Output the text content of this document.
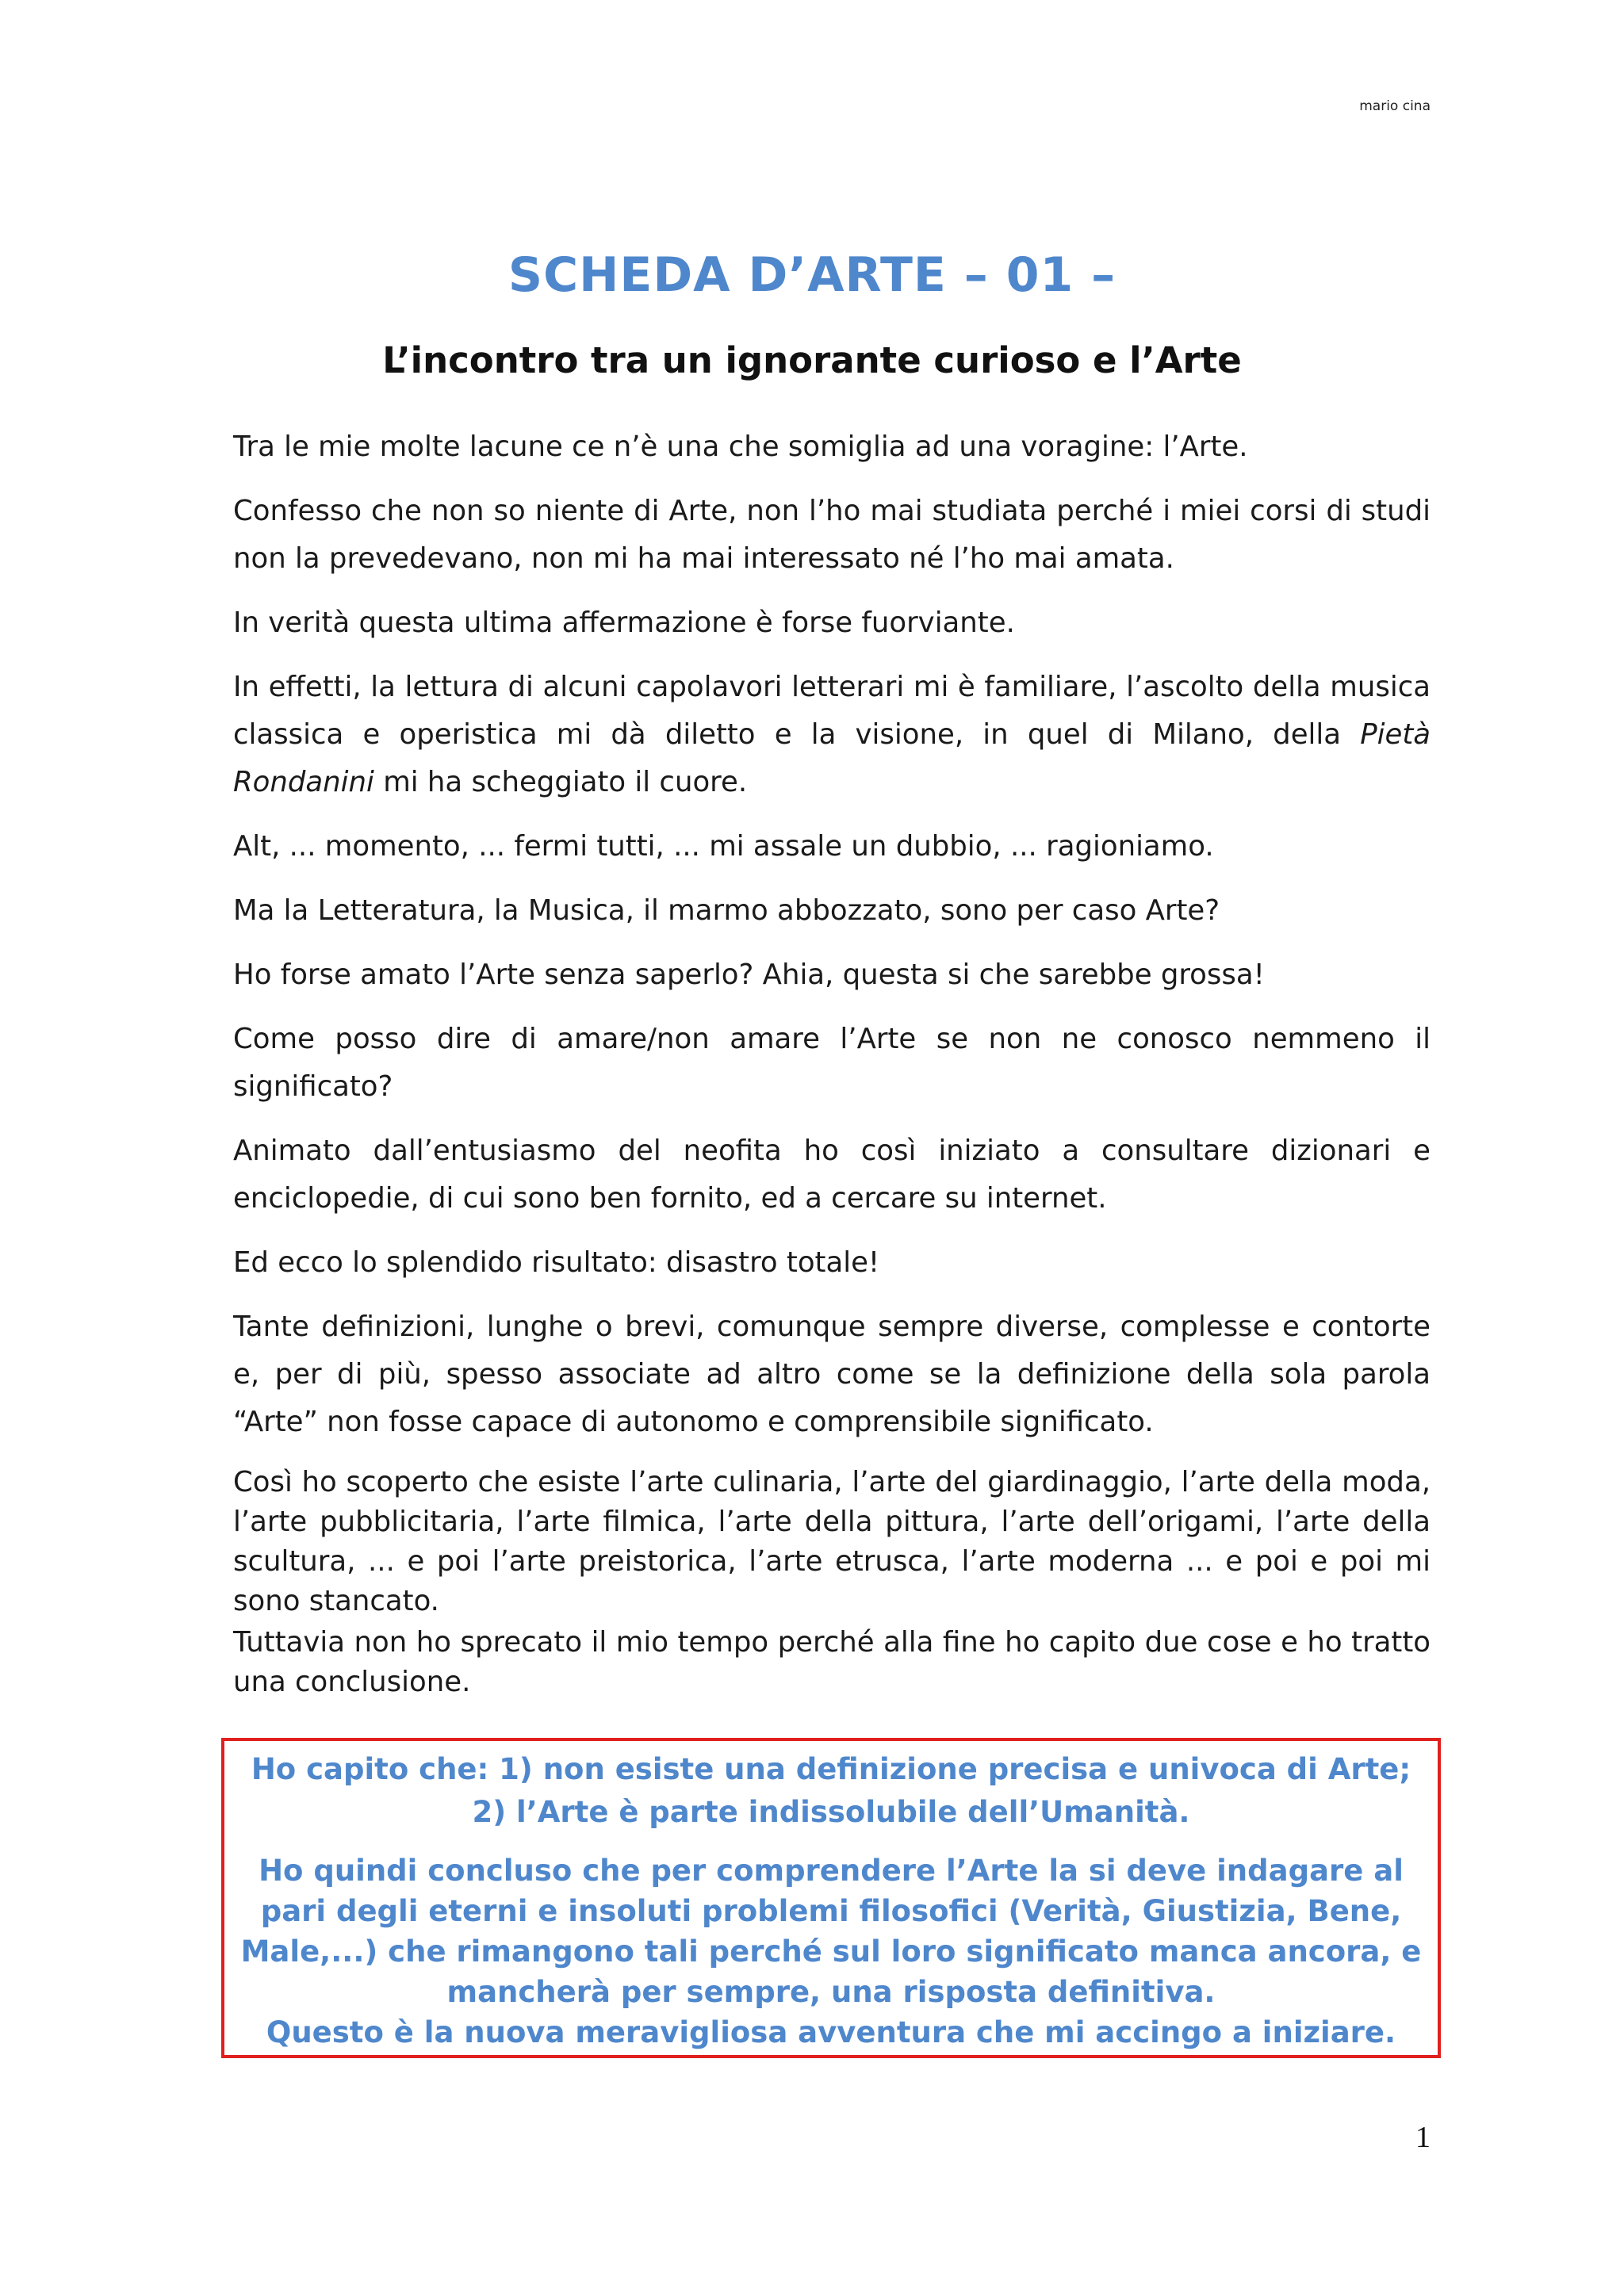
mario cina
SCHEDA D’ARTE – 01 –
L’incontro tra un ignorante curioso e l’Arte

Tra le mie molte lacune ce n’è una che somiglia ad una voragine: l’Arte.

Confesso che non so niente di Arte, non l’ho mai studiata perché i miei corsi di studi non la prevedevano, non mi ha mai interessato né l’ho mai amata.

In verità questa ultima affermazione è forse fuorviante.

In effetti, la lettura di alcuni capolavori letterari mi è familiare, l’ascolto della musica classica e operistica mi dà diletto e la visione, in quel di Milano, della Pietà Rondanini mi ha scheggiato il cuore.

Alt, ... momento, ... fermi tutti, ... mi assale un dubbio, ... ragioniamo.

Ma la Letteratura, la Musica, il marmo abbozzato, sono per caso Arte?

Ho forse amato l’Arte senza saperlo? Ahia, questa si che sarebbe grossa!

Come posso dire di amare/non amare l’Arte se non ne conosco nemmeno il significato?

Animato dall’entusiasmo del neofita ho così iniziato a consultare dizionari e enciclopedie, di cui sono ben fornito, ed a cercare su internet.

Ed ecco lo splendido risultato: disastro totale!

Tante definizioni, lunghe o brevi, comunque sempre diverse, complesse e contorte e, per di più, spesso associate ad altro come se la definizione della sola parola “Arte” non fosse capace di autonomo e comprensibile significato.

Così ho scoperto che esiste l’arte culinaria, l’arte del giardinaggio, l’arte della moda, l’arte pubblicitaria, l’arte filmica, l’arte della pittura, l’arte dell’origami, l’arte della scultura, ... e poi l’arte preistorica, l’arte etrusca, l’arte moderna ... e poi e poi mi sono stancato.

Tuttavia non ho sprecato il mio tempo perché alla fine ho capito due cose e ho tratto una conclusione.

Ho capito che: 1) non esiste una definizione precisa e univoca di Arte;
2) l’Arte è parte indissolubile dell’Umanità.
Ho quindi concluso che per comprendere l’Arte la si deve indagare al pari degli eterni e insoluti problemi filosofici (Verità, Giustizia, Bene, Male,...) che rimangono tali perché sul loro significato manca ancora, e mancherà per sempre, una risposta definitiva.
Questo è la nuova meravigliosa avventura che mi accingo a iniziare.
1
